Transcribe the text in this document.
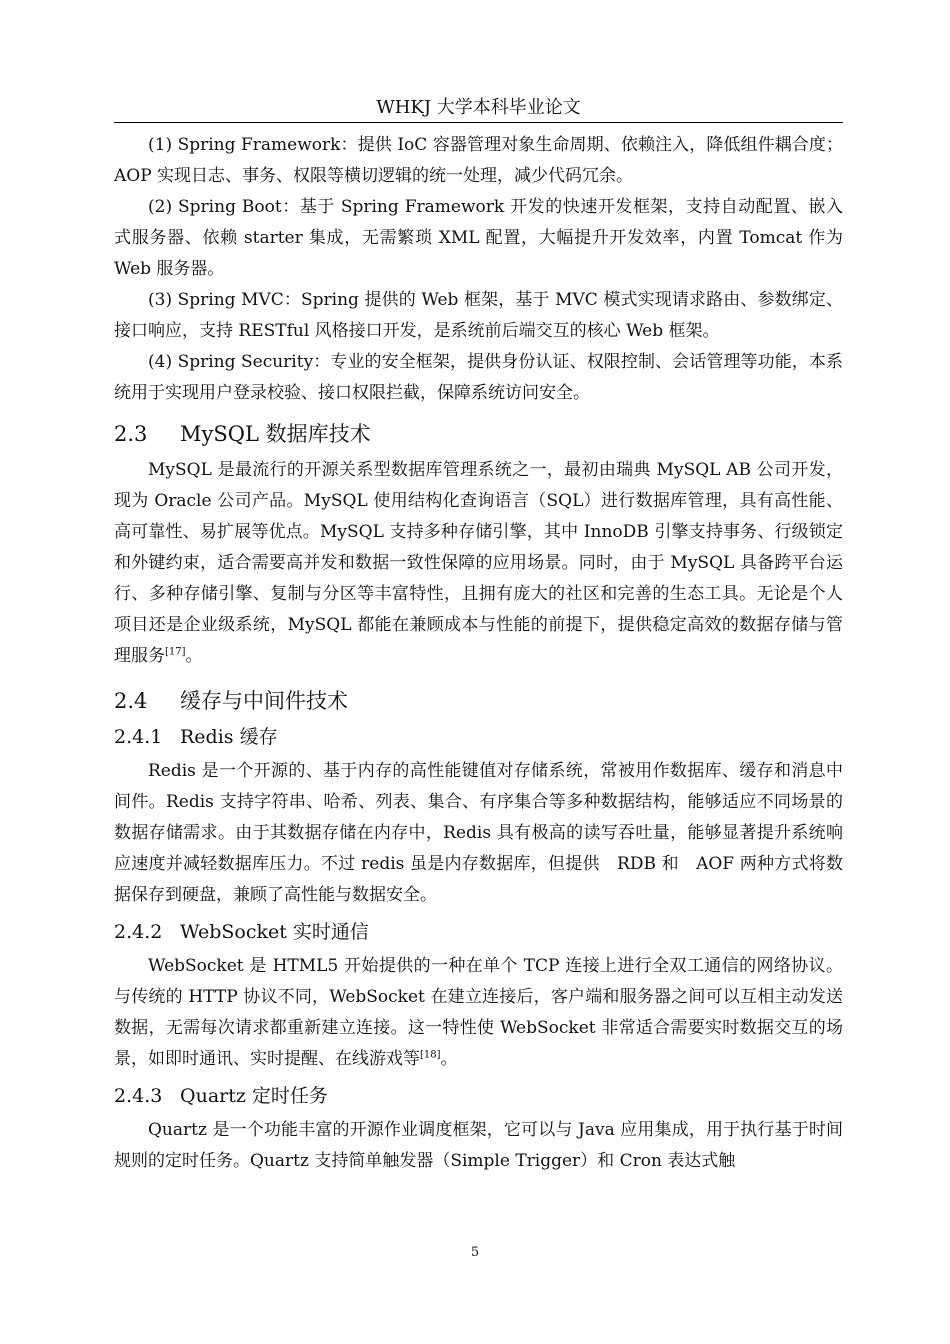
WHKJ 大学本科毕业论文

(1) Spring Framework：提供 IoC 容器管理对象生命周期、依赖注入，降低组件耦合度；AOP 实现日志、事务、权限等横切逻辑的统一处理，减少代码冗余。

(2) Spring Boot：基于 Spring Framework 开发的快速开发框架，支持自动配置、嵌入式服务器、依赖 starter 集成，无需繁琐 XML 配置，大幅提升开发效率，内置 Tomcat 作为 Web 服务器。

(3) Spring MVC：Spring 提供的 Web 框架，基于 MVC 模式实现请求路由、参数绑定、接口响应，支持 RESTful 风格接口开发，是系统前后端交互的核心 Web 框架。

(4) Spring Security：专业的安全框架，提供身份认证、权限控制、会话管理等功能，本系统用于实现用户登录校验、接口权限拦截，保障系统访问安全。

2.3 MySQL 数据库技术

MySQL 是最流行的开源关系型数据库管理系统之一，最初由瑞典 MySQL AB 公司开发，现为 Oracle 公司产品。MySQL 使用结构化查询语言（SQL）进行数据库管理，具有高性能、高可靠性、易扩展等优点。MySQL 支持多种存储引擎，其中 InnoDB 引擎支持事务、行级锁定和外键约束，适合需要高并发和数据一致性保障的应用场景。同时，由于 MySQL 具备跨平台运行、多种存储引擎、复制与分区等丰富特性，且拥有庞大的社区和完善的生态工具。无论是个人项目还是企业级系统，MySQL 都能在兼顾成本与性能的前提下，提供稳定高效的数据存储与管理服务[17]。

2.4 缓存与中间件技术
2.4.1 Redis 缓存

Redis 是一个开源的、基于内存的高性能键值对存储系统，常被用作数据库、缓存和消息中间件。Redis 支持字符串、哈希、列表、集合、有序集合等多种数据结构，能够适应不同场景的数据存储需求。由于其数据存储在内存中，Redis 具有极高的读写吞吐量，能够显著提升系统响应速度并减轻数据库压力。不过 redis 虽是内存数据库，但提供　RDB 和　AOF 两种方式将数据保存到硬盘，兼顾了高性能与数据安全。

2.4.2 WebSocket 实时通信

WebSocket 是 HTML5 开始提供的一种在单个 TCP 连接上进行全双工通信的网络协议。与传统的 HTTP 协议不同，WebSocket 在建立连接后，客户端和服务器之间可以互相主动发送数据，无需每次请求都重新建立连接。这一特性使 WebSocket 非常适合需要实时数据交互的场景，如即时通讯、实时提醒、在线游戏等[18]。

2.4.3 Quartz 定时任务

Quartz 是一个功能丰富的开源作业调度框架，它可以与 Java 应用集成，用于执行基于时间规则的定时任务。Quartz 支持简单触发器（Simple Trigger）和 Cron 表达式触

5
